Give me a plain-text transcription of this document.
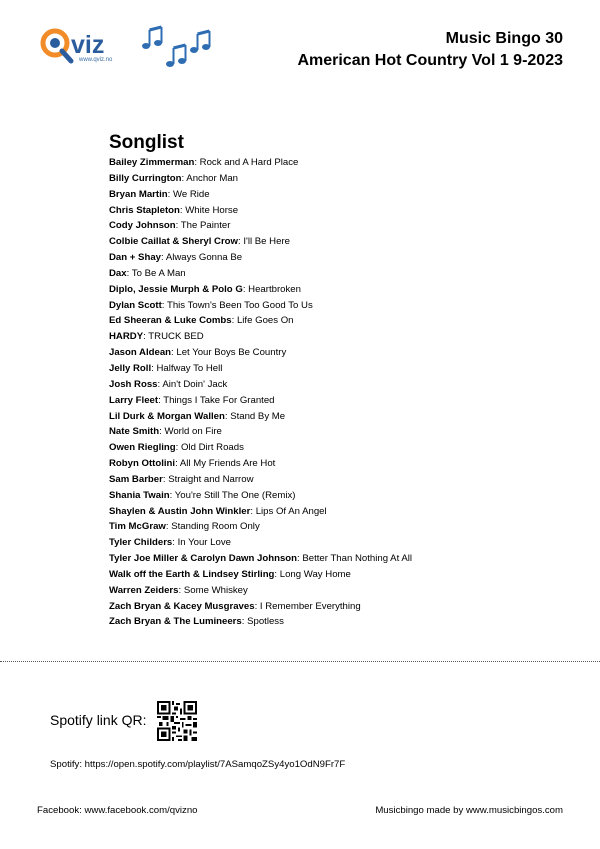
viz
www.qviz.no
Music Bingo 30
American Hot Country Vol 1 9-2023
Songlist
Bailey Zimmerman: Rock and A Hard Place
Billy Currington: Anchor Man
Bryan Martin: We Ride
Chris Stapleton: White Horse
Cody Johnson: The Painter
Colbie Caillat & Sheryl Crow: I'll Be Here
Dan + Shay: Always Gonna Be
Dax: To Be A Man
Diplo, Jessie Murph & Polo G: Heartbroken
Dylan Scott: This Town's Been Too Good To Us
Ed Sheeran & Luke Combs: Life Goes On
HARDY: TRUCK BED
Jason Aldean: Let Your Boys Be Country
Jelly Roll: Halfway To Hell
Josh Ross: Ain't Doin' Jack
Larry Fleet: Things I Take For Granted
Lil Durk & Morgan Wallen: Stand By Me
Nate Smith: World on Fire
Owen Riegling: Old Dirt Roads
Robyn Ottolini: All My Friends Are Hot
Sam Barber: Straight and Narrow
Shania Twain: You're Still The One (Remix)
Shaylen & Austin John Winkler: Lips Of An Angel
Tim McGraw: Standing Room Only
Tyler Childers: In Your Love
Tyler Joe Miller & Carolyn Dawn Johnson: Better Than Nothing At All
Walk off the Earth & Lindsey Stirling: Long Way Home
Warren Zeiders: Some Whiskey
Zach Bryan & Kacey Musgraves: I Remember Everything
Zach Bryan & The Lumineers: Spotless
Spotify link QR:
Spotify: https://open.spotify.com/playlist/7ASamqoZSy4yo1OdN9Fr7F
Facebook: www.facebook.com/qvizno	Musicbingo made by www.musicbingos.com
